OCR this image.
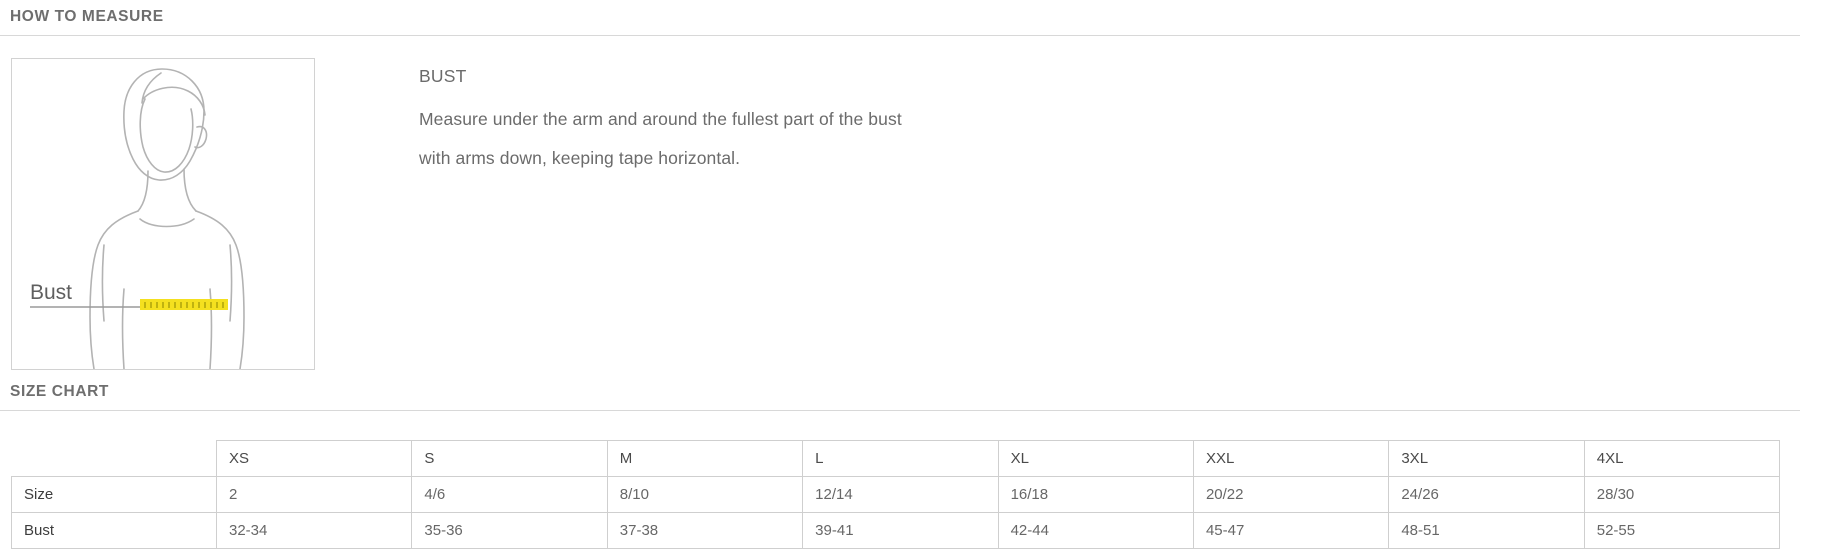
HOW TO MEASURE
Bust
BUST

Measure under the arm and around the fullest part of the bust

with arms down, keeping tape horizontal.

SIZE CHART
	XS	S	M	L	XL	XXL	3XL	4XL
Size	2	4/6	8/10	12/14	16/18	20/22	24/26	28/30
Bust	32-34	35-36	37-38	39-41	42-44	45-47	48-51	52-55
